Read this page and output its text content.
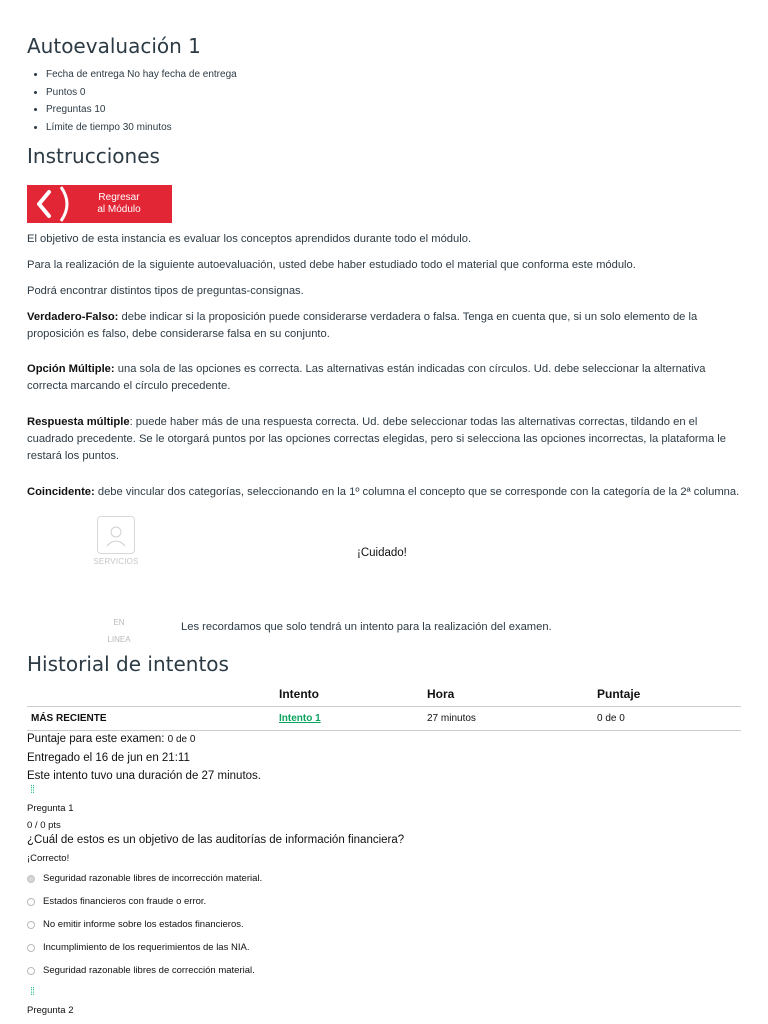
Autoevaluación 1
• Fecha de entrega No hay fecha de entrega
• Puntos 0
• Preguntas 10
• Límite de tiempo 30 minutos
Instrucciones
Regresar
al Módulo
El objetivo de esta instancia es evaluar los conceptos aprendidos durante todo el módulo.
Para la realización de la siguiente autoevaluación, usted debe haber estudiado todo el material que conforma este módulo.
Podrá encontrar distintos tipos de preguntas-consignas.
Verdadero-Falso: debe indicar si la proposición puede considerarse verdadera o falsa. Tenga en cuenta que, si un solo elemento de la proposición es falso, debe considerarse falsa en su conjunto.
Opción Múltiple: una sola de las opciones es correcta. Las alternativas están indicadas con círculos. Ud. debe seleccionar la alternativa correcta marcando el círculo precedente.
Respuesta múltiple: puede haber más de una respuesta correcta. Ud. debe seleccionar todas las alternativas correctas, tildando en el cuadrado precedente. Se le otorgará puntos por las opciones correctas elegidas, pero si selecciona las opciones incorrectas, la plataforma le restará los puntos.
Coincidente: debe vincular dos categorías, seleccionando en la 1º columna el concepto que se corresponde con la categoría de la 2ª columna.
SERVICIOS
¡Cuidado!
EN
LINEA
Les recordamos que solo tendrá un intento para la realización del examen.
Historial de intentos
	Intento	Hora	Puntaje
MÁS RECIENTE	Intento 1	27 minutos	0 de 0
Puntaje para este examen: 0 de 0
Entregado el 16 de jun en 21:11
Este intento tuvo una duración de 27 minutos.
⁞⁞
Pregunta 1
0 / 0 pts
¿Cuál de estos es un objetivo de las auditorías de información financiera?
¡Correcto!
Seguridad razonable libres de incorrección material.
Estados financieros con fraude o error.
No emitir informe sobre los estados financieros.
Incumplimiento de los requerimientos de las NIA.
Seguridad razonable libres de corrección material.
⁞⁞
Pregunta 2
